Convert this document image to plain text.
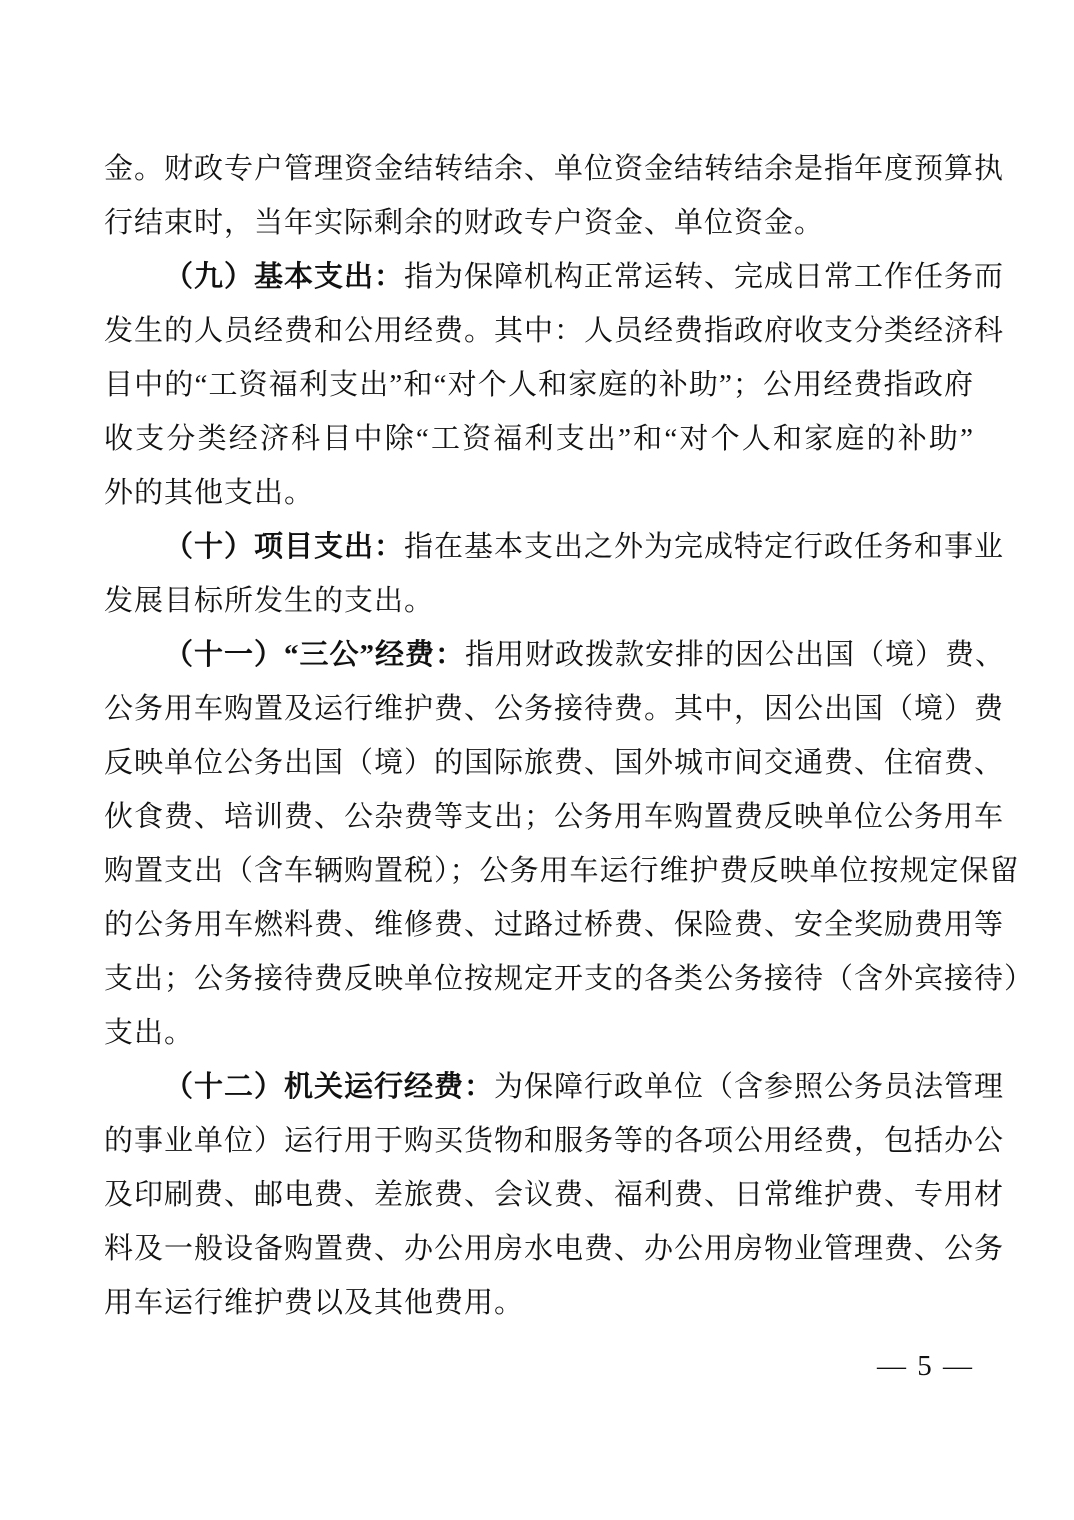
金。财政专户管理资金结转结余、单位资金结转结余是指年度预算执
行结束时，当年实际剩余的财政专户资金、单位资金。
（九）基本支出：指为保障机构正常运转、完成日常工作任务而
发生的人员经费和公用经费。其中：人员经费指政府收支分类经济科
目中的“工资福利支出”和“对个人和家庭的补助”；公用经费指政府
收支分类经济科目中除“工资福利支出”和“对个人和家庭的补助”
外的其他支出。
（十）项目支出：指在基本支出之外为完成特定行政任务和事业
发展目标所发生的支出。
（十一）“三公”经费：指用财政拨款安排的因公出国（境）费、
公务用车购置及运行维护费、公务接待费。其中，因公出国（境）费
反映单位公务出国（境）的国际旅费、国外城市间交通费、住宿费、
伙食费、培训费、公杂费等支出；公务用车购置费反映单位公务用车
购置支出（含车辆购置税）；公务用车运行维护费反映单位按规定保留
的公务用车燃料费、维修费、过路过桥费、保险费、安全奖励费用等
支出；公务接待费反映单位按规定开支的各类公务接待（含外宾接待）
支出。
（十二）机关运行经费：为保障行政单位（含参照公务员法管理
的事业单位）运行用于购买货物和服务等的各项公用经费，包括办公
及印刷费、邮电费、差旅费、会议费、福利费、日常维护费、专用材
料及一般设备购置费、办公用房水电费、办公用房物业管理费、公务
用车运行维护费以及其他费用。
— 5 —
